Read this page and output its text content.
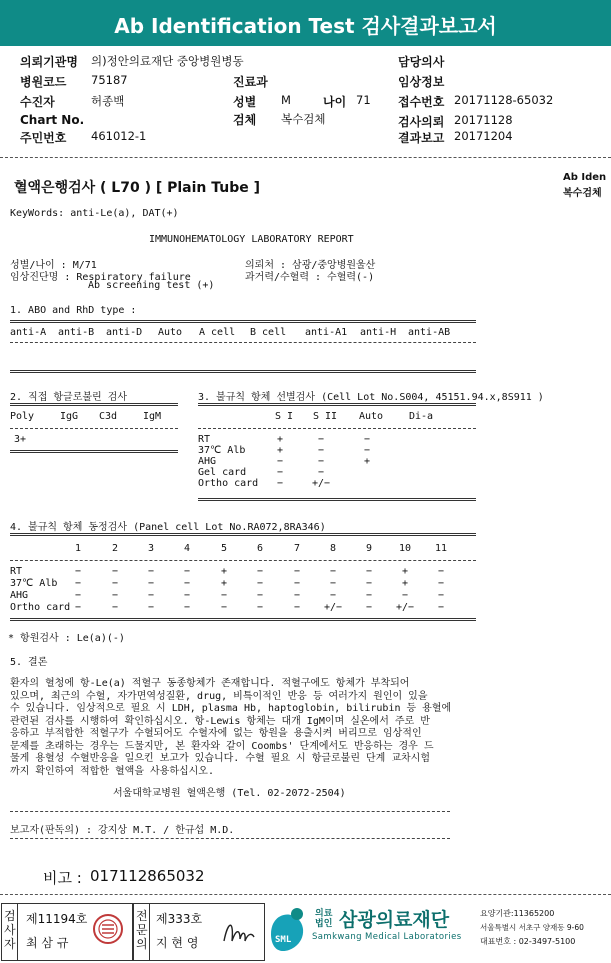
Ab Identification Test 검사결과보고서
의뢰기관명 의)정안의료재단 중앙병원병동
병원코드 75187
수진자	허종백
Chart No.
주민번호 461012-1
진료과
성별 M	나이 71
검체 복수검체
담당의사
임상정보
접수번호 20171128-65032
검사의뢰 20171128
결과보고 20171204
혈액은행검사 ( L70 ) [ Plain Tube ]
Ab Iden
복수검체
KeyWords: anti-Le(a), DAT(+)
IMMUNOHEMATOLOGY LABORATORY REPORT
성별/나이 : M/71
임상진단명 : Respiratory failure
Ab screening test (+)
의뢰처 : 삼광/중앙병원울산
과거력/수혈력 : 수혈력(-)
1. ABO and RhD type :
anti-A anti-B anti-D Auto A cell B cell anti-A1 anti-H anti-AB
2. 직접 항글로불린 검사
Poly	IgG C3d	IgM
3+
3. 불규칙 항체 선별검사 (Cell Lot No.S004, 45151.94.x,8S911 )
S I	S II	Auto	Di-a
RT	+	−	−
37℃ Alb	+	−	−
AHG	−	−	+
Gel card	−	−
Ortho card	−	+/−
4. 불규칙 항체 동정검사 (Panel cell Lot No.RA072,8RA346)
1	2	3	4	5	6	7	8	9	10	11
RT	−	−	−	−	+	−	−	−	−	+	−
37℃ Alb	−	−	−	−	+	−	−	−	−	+	−
AHG	−	−	−	−	−	−	−	−	−	−	−
Ortho card −	−	−	−	−	−	−	+/−	−	+/−	−
* 항원검사 : Le(a)(-)
5. 결론
환자의 혈청에 항-Le(a) 적혈구 동종항체가 존재합니다. 적혈구에도 항체가 부착되어
있으며, 최근의 수혈, 자가면역성질환, drug, 비특이적인 반응 등 여러가지 원인이 있을
수 있습니다. 임상적으로 필요 시 LDH, plasma Hb, haptoglobin, bilirubin 등 용혈에
관련된 검사를 시행하여 확인하십시오. 항-Lewis 항체는 대개 IgM이며 실온에서 주로 반
응하고 부적합한 적혈구가 수혈되어도 수혈자에 없는 항원을 용출시켜 버리므로 임상적인
문제를 초래하는 경우는 드물지만, 본 환자와 같이 Coombs' 단계에서도 반응하는 경우 드
물게 용혈성 수혈반응을 일으킨 보고가 있습니다. 수혈 필요 시 항글로불린 단계 교차시험
까지 확인하여 적합한 혈액을 사용하십시오.
서울대학교병원 혈액은행 (Tel. 02-2072-2504)
보고자(판독의) : 강지상 M.T. / 한규섭 M.D.
비고 : 017112865032
검사자
제11194호
최 삼 규
전문의
제333호
지 현 영	SML
의료법인 삼광의료재단
Samkwang Medical Laboratories
요양기관:11365200
서울특별시 서초구 양재동 9-60
대표번호 : 02-3497-5100
